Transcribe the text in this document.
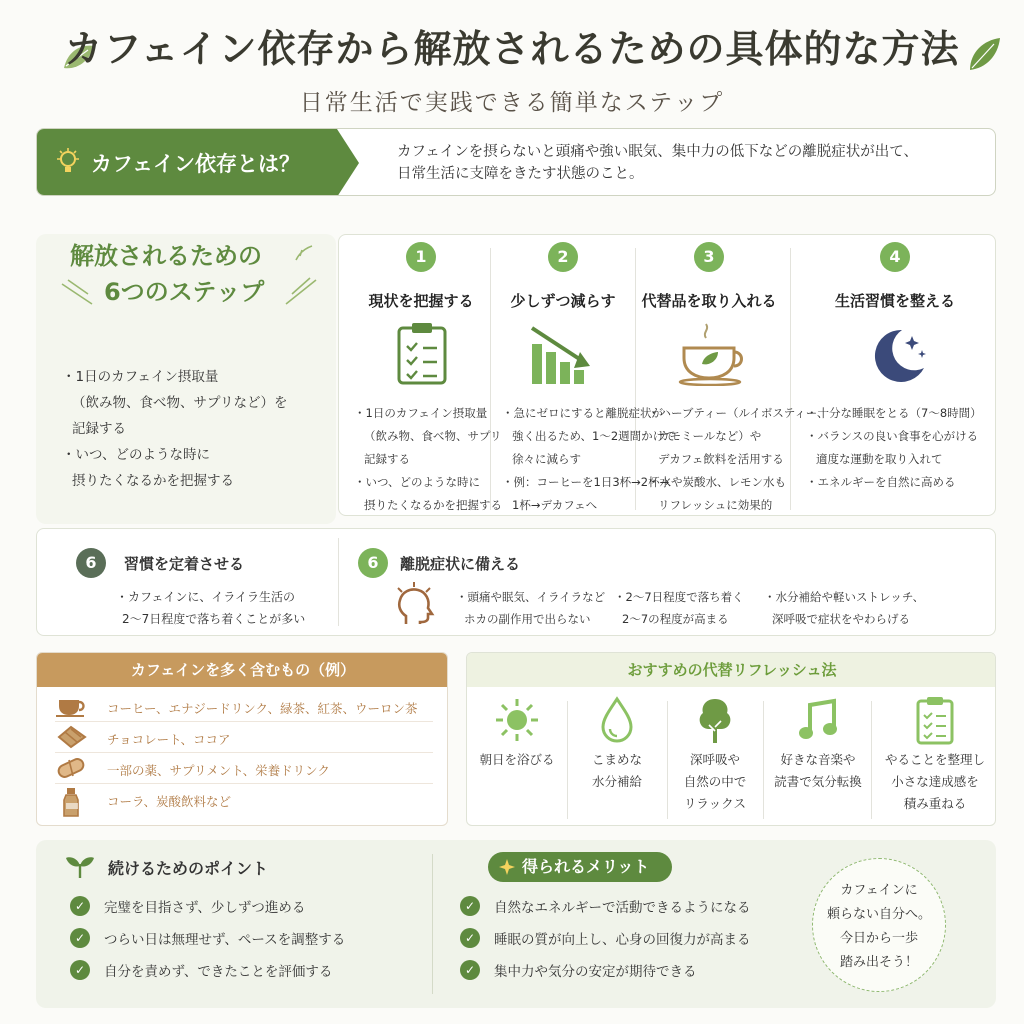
カフェイン依存から解放されるための具体的な方法
日常生活で実践できる簡単なステップ
カフェイン依存とは？	カフェインを摂らないと頭痛や強い眠気、集中力の低下などの離脱症状が出て、
日常生活に支障をきたす状態のこと。
解放されるための
6つのステップ
・1日のカフェイン摂取量
（飲み物、食べ物、サプリなど）を
記録する
・いつ、どのような時に
摂りたくなるかを把握する
1
現状を把握する
・1日のカフェイン摂取量
（飲み物、食べ物、サプリ
記録する
・いつ、どのような時に
摂りたくなるかを把握する
2
少しずつ減らす
・急にゼロにすると離脱症状が
強く出るため、1〜2週間かけて
徐々に減らす
・例：コーヒーを1日3杯→2杯→
1杯→デカフェへ
3
代替品を取り入れる
・ハーブティー（ルイボスティー、
カモミールなど）や
デカフェ飲料を活用する
・水や炭酸水、レモン水も
リフレッシュに効果的
4
生活習慣を整える
・十分な睡眠をとる（7〜8時間）
・バランスの良い食事を心がける
適度な運動を取り入れて
・エネルギーを自然に高める
6	習慣を定着させる
・カフェインに、イライラ生活の
2〜7日程度で落ち着くことが多い
6	離脱症状に備える
・頭痛や眠気、イライラなど
ホカの副作用で出らない
・2〜7日程度で落ち着く
2〜7の程度が高まる
・水分補給や軽いストレッチ、
深呼吸で症状をやわらげる
カフェインを多く含むもの（例）
コーヒー、エナジードリンク、緑茶、紅茶、ウーロン茶
チョコレート、ココア
一部の薬、サプリメント、栄養ドリンク
コーラ、炭酸飲料など
おすすめの代替リフレッシュ法
朝日を浴びる	こまめな
水分補給
深呼吸や
自然の中で
リラックス
好きな音楽や
読書で気分転換
やることを整理し
小さな達成感を
積み重ねる
続けるためのポイント
✓	完璧を目指さず、少しずつ進める
✓	つらい日は無理せず、ペースを調整する
✓	自分を責めず、できたことを評価する
得られるメリット
✓	自然なエネルギーで活動できるようになる
✓	睡眠の質が向上し、心身の回復力が高まる
✓	集中力や気分の安定が期待できる
カフェインに
頼らない自分へ。
今日から一歩
踏み出そう！
